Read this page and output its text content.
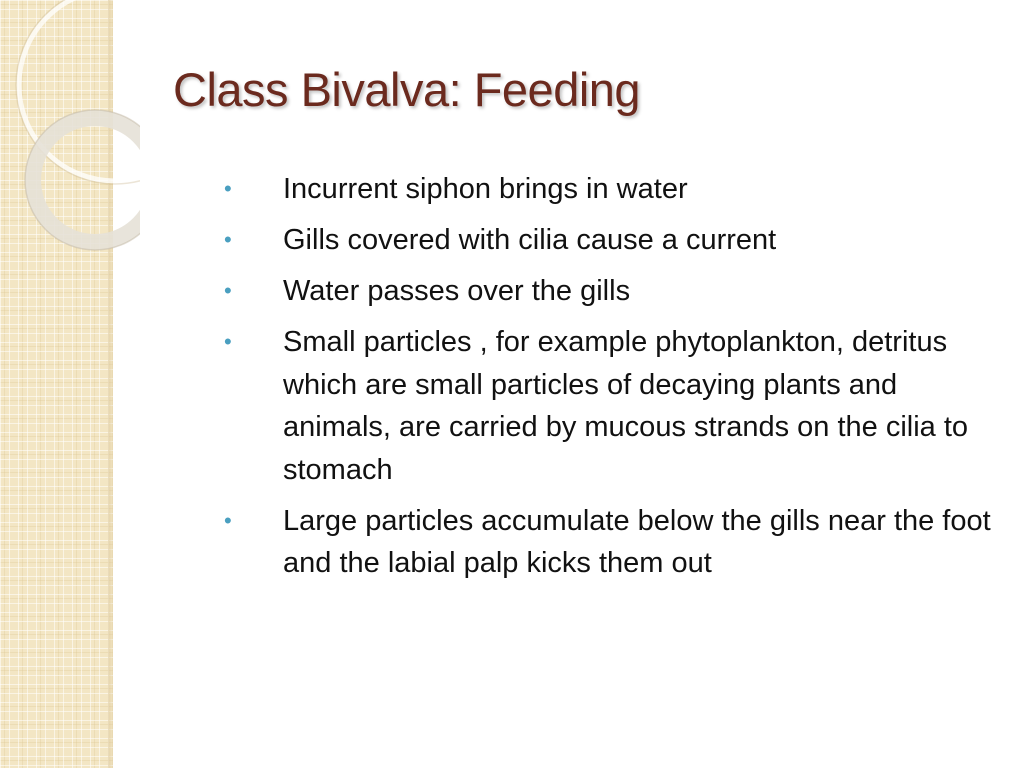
Class Bivalva: Feeding
• Incurrent siphon brings in water
• Gills covered with cilia cause a current
• Water passes over the gills
• Small particles , for example phytoplankton, detritus which are small particles of decaying plants and animals, are carried by mucous strands on the cilia to stomach
• Large particles accumulate below the gills near the foot and the labial palp kicks them out
